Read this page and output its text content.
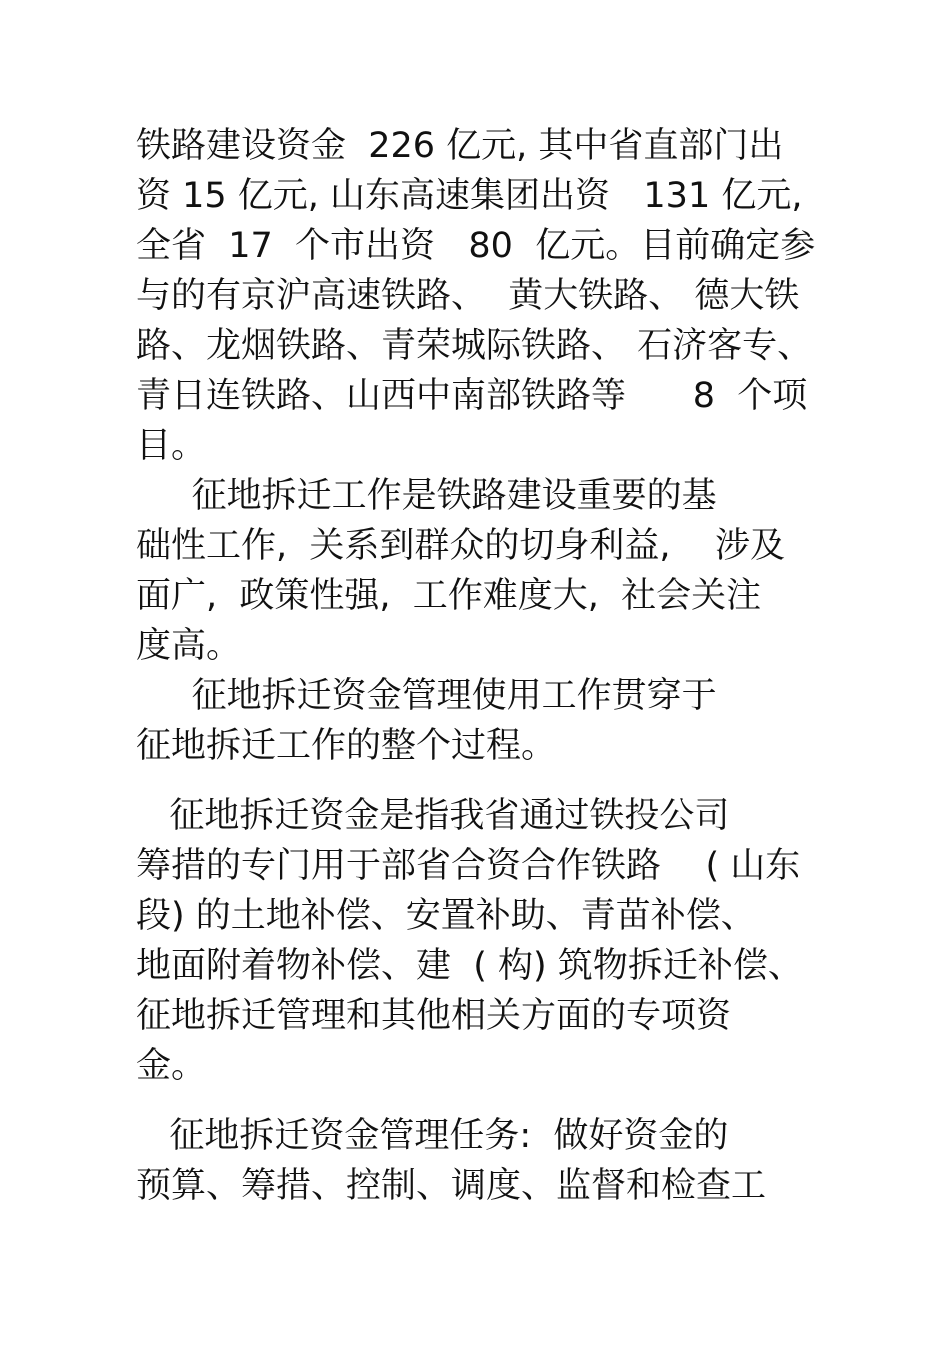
铁路建设资金  226 亿元, 其中省直部门出
资 15 亿元, 山东高速集团出资   131 亿元,
全省  17  个市出资   80  亿元。目前确定参
与的有京沪高速铁路、  黄大铁路、 德大铁
路、龙烟铁路、青荣城际铁路、 石济客专、
青日连铁路、山西中南部铁路等      8  个项
目。
征地拆迁工作是铁路建设重要的基
础性工作,  关系到群众的切身利益,    涉及
面广,  政策性强,  工作难度大,  社会关注
度高。
征地拆迁资金管理使用工作贯穿于
征地拆迁工作的整个过程。
征地拆迁资金是指我省通过铁投公司
筹措的专门用于部省合资合作铁路    ( 山东
段) 的土地补偿、安置补助、青苗补偿、
地面附着物补偿、建  ( 构) 筑物拆迁补偿、
征地拆迁管理和其他相关方面的专项资
金。
征地拆迁资金管理任务:  做好资金的
预算、筹措、控制、调度、监督和检查工
